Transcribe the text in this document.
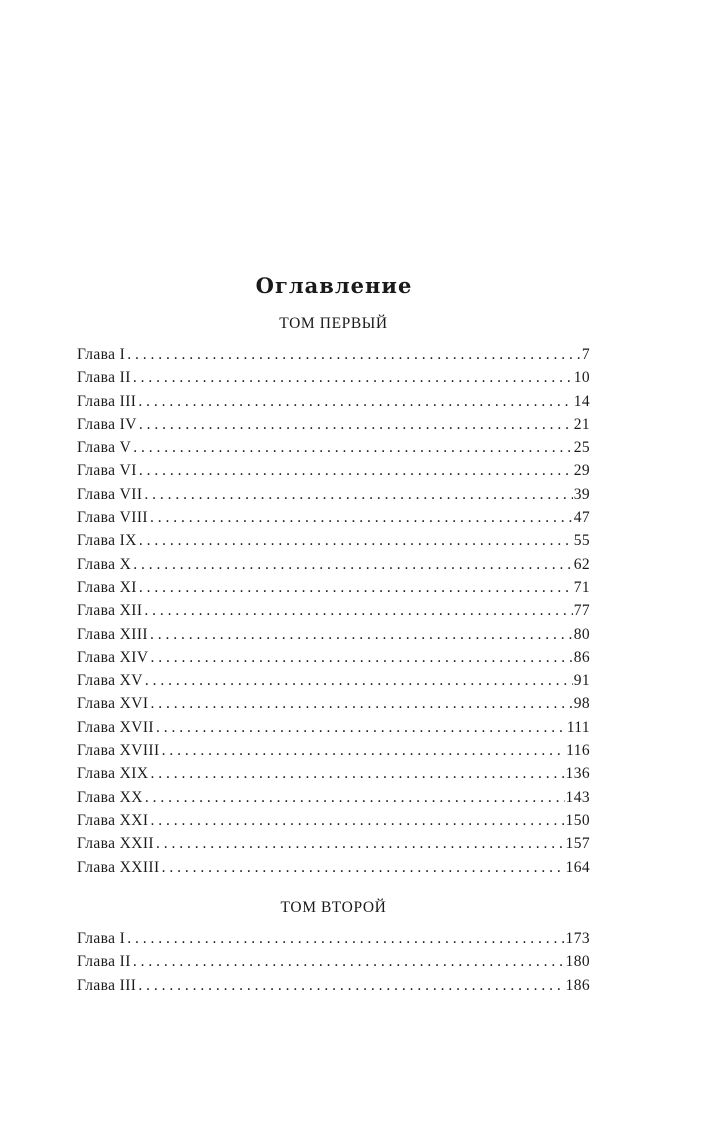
Оглавление
ТОМ ПЕРВЫЙ
Глава I . . .	7
Глава II . . .	10
Глава III . . .	14
Глава IV . . .	21
Глава V . . .	25
Глава VI . . .	29
Глава VII . . .	39
Глава VIII . . .	47
Глава IX . . .	55
Глава X . . .	62
Глава XI . . .	71
Глава XII . . .	77
Глава XIII . . .	80
Глава XIV . . .	86
Глава XV . . .	91
Глава XVI . . .	98
Глава XVII . . .	111
Глава XVIII . . .	116
Глава XIX . . .	136
Глава XX . . .	143
Глава XXI . . .	150
Глава XXII . . .	157
Глава XXIII . . .	164
ТОМ ВТОРОЙ
Глава I . . .	173
Глава II . . .	180
Глава III . . .	186
